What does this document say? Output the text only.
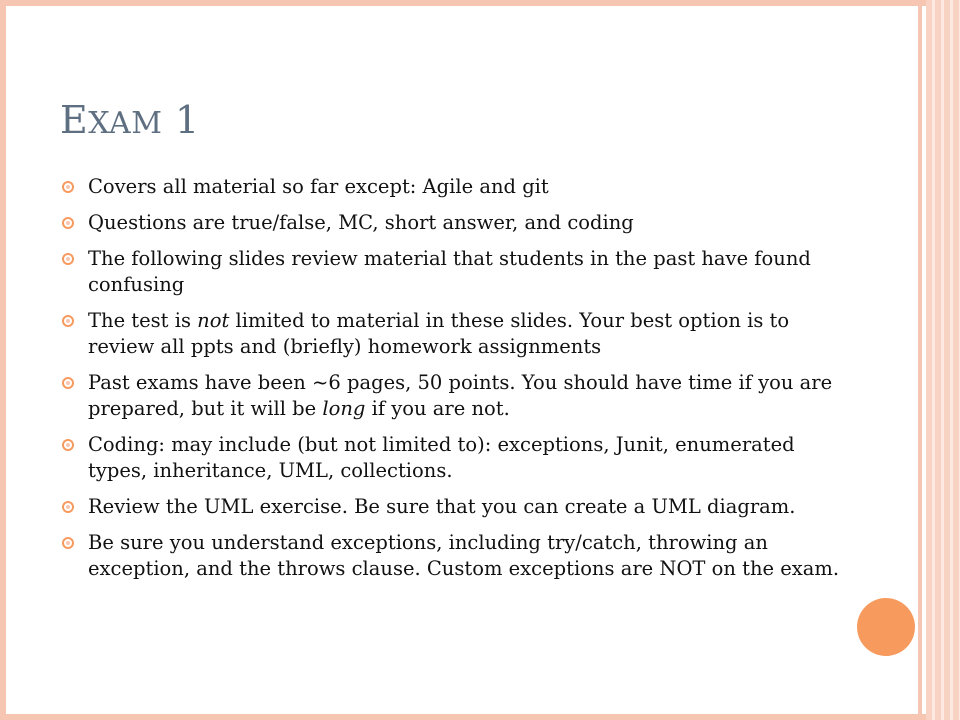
EXAM 1
Covers all material so far except: Agile and git
Questions are true/false, MC, short answer, and coding
The following slides review material that students in the past have found confusing
The test is not limited to material in these slides. Your best option is to review all ppts and (briefly) homework assignments
Past exams have been ~6 pages, 50 points. You should have time if you are prepared, but it will be long if you are not.
Coding: may include (but not limited to): exceptions, Junit, enumerated types, inheritance, UML, collections.
Review the UML exercise. Be sure that you can create a UML diagram.
Be sure you understand exceptions, including try/catch, throwing an exception, and the throws clause. Custom exceptions are NOT on the exam.
